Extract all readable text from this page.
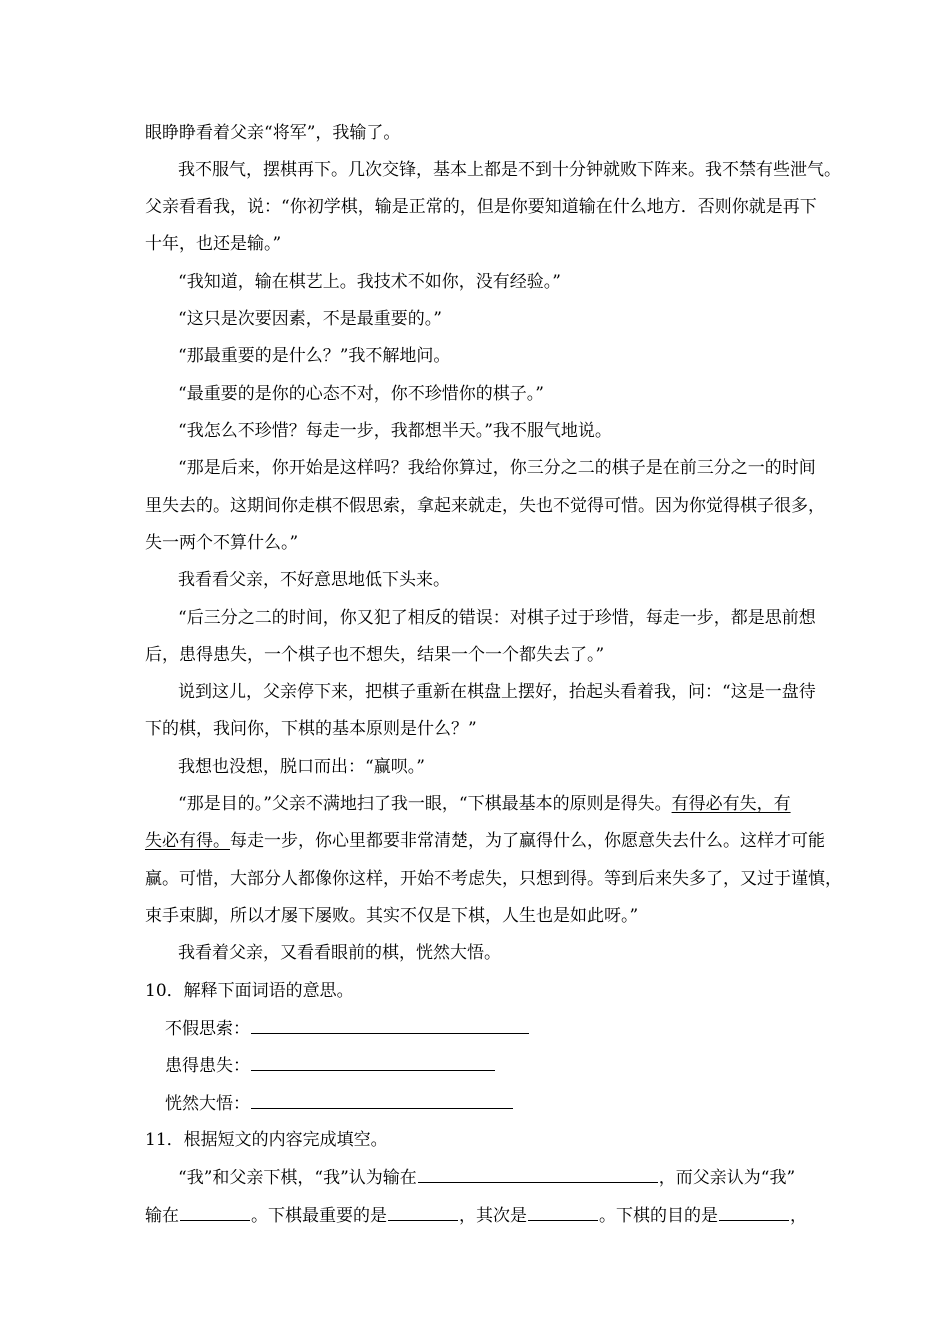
眼睁睁看着父亲“将军”，我输了。
我不服气，摆棋再下。几次交锋，基本上都是不到十分钟就败下阵来。我不禁有些泄气。
父亲看看我，说：“你初学棋，输是正常的，但是你要知道输在什么地方．否则你就是再下
十年，也还是输。”
“我知道，输在棋艺上。我技术不如你，没有经验。”
“这只是次要因素，不是最重要的。”
“那最重要的是什么？”我不解地问。
“最重要的是你的心态不对，你不珍惜你的棋子。”
“我怎么不珍惜？每走一步，我都想半天。”我不服气地说。
“那是后来，你开始是这样吗？我给你算过，你三分之二的棋子是在前三分之一的时间
里失去的。这期间你走棋不假思索，拿起来就走，失也不觉得可惜。因为你觉得棋子很多，
失一两个不算什么。”
我看看父亲，不好意思地低下头来。
“后三分之二的时间，你又犯了相反的错误：对棋子过于珍惜，每走一步，都是思前想
后，患得患失，一个棋子也不想失，结果一个一个都失去了。”
说到这儿，父亲停下来，把棋子重新在棋盘上摆好，抬起头看着我，问：“这是一盘待
下的棋，我问你，下棋的基本原则是什么？”
我想也没想，脱口而出：“赢呗。”
“那是目的。”父亲不满地扫了我一眼，“下棋最基本的原则是得失。有得必有失，有
失必有得。每走一步，你心里都要非常清楚，为了赢得什么，你愿意失去什么。这样才可能
赢。可惜，大部分人都像你这样，开始不考虑失，只想到得。等到后来失多了，又过于谨慎，
束手束脚，所以才屡下屡败。其实不仅是下棋，人生也是如此呀。”
我看着父亲，又看看眼前的棋，恍然大悟。
10．解释下面词语的意思。
不假思索：
患得患失：
恍然大悟：
11．根据短文的内容完成填空。
“我”和父亲下棋，“我”认为输在	，而父亲认为“我”
输在	。下棋最重要的是	，其次是	。下棋的目的是	，
